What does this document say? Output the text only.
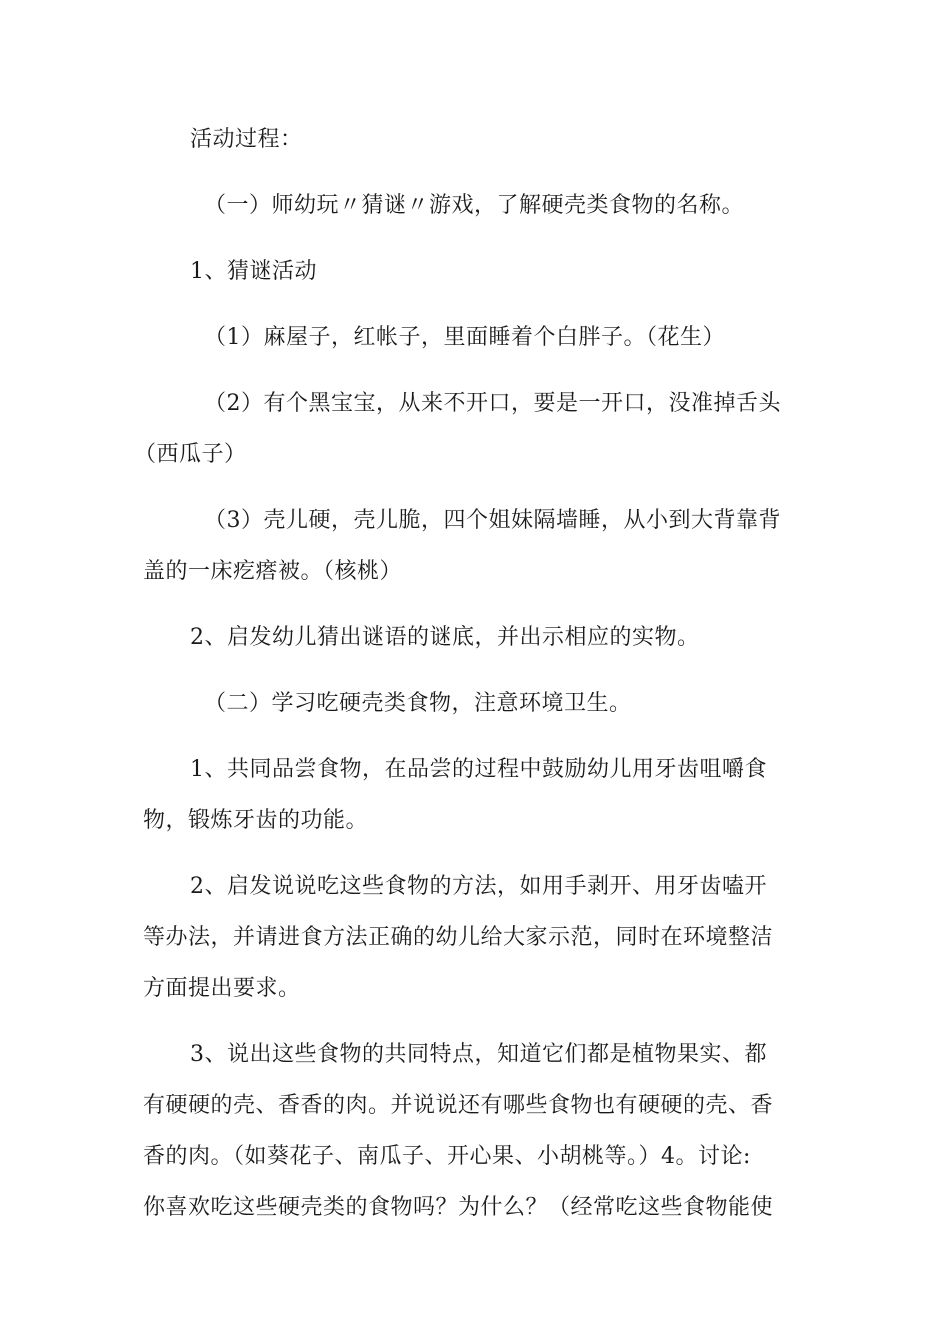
活动过程：
（一）师幼玩〃猜谜〃游戏，了解硬壳类食物的名称。
1、猜谜活动
（1）麻屋子，红帐子，里面睡着个白胖子。（花生）
（2）有个黑宝宝，从来不开口，要是一开口，没准掉舌头
（西瓜子）
（3）壳儿硬，壳儿脆，四个姐妹隔墙睡，从小到大背靠背
盖的一床疙瘩被。（核桃）
2、启发幼儿猜出谜语的谜底，并出示相应的实物。
（二）学习吃硬壳类食物，注意环境卫生。
1、共同品尝食物，在品尝的过程中鼓励幼儿用牙齿咀嚼食
物，锻炼牙齿的功能。
2、启发说说吃这些食物的方法，如用手剥开、用牙齿嗑开
等办法，并请进食方法正确的幼儿给大家示范，同时在环境整洁
方面提出要求。
3、说出这些食物的共同特点，知道它们都是植物果实、都
有硬硬的壳、香香的肉。并说说还有哪些食物也有硬硬的壳、香
香的肉。（如葵花子、南瓜子、开心果、小胡桃等。）4。讨论:
你喜欢吃这些硬壳类的食物吗？为什么？（经常吃这些食物能使
